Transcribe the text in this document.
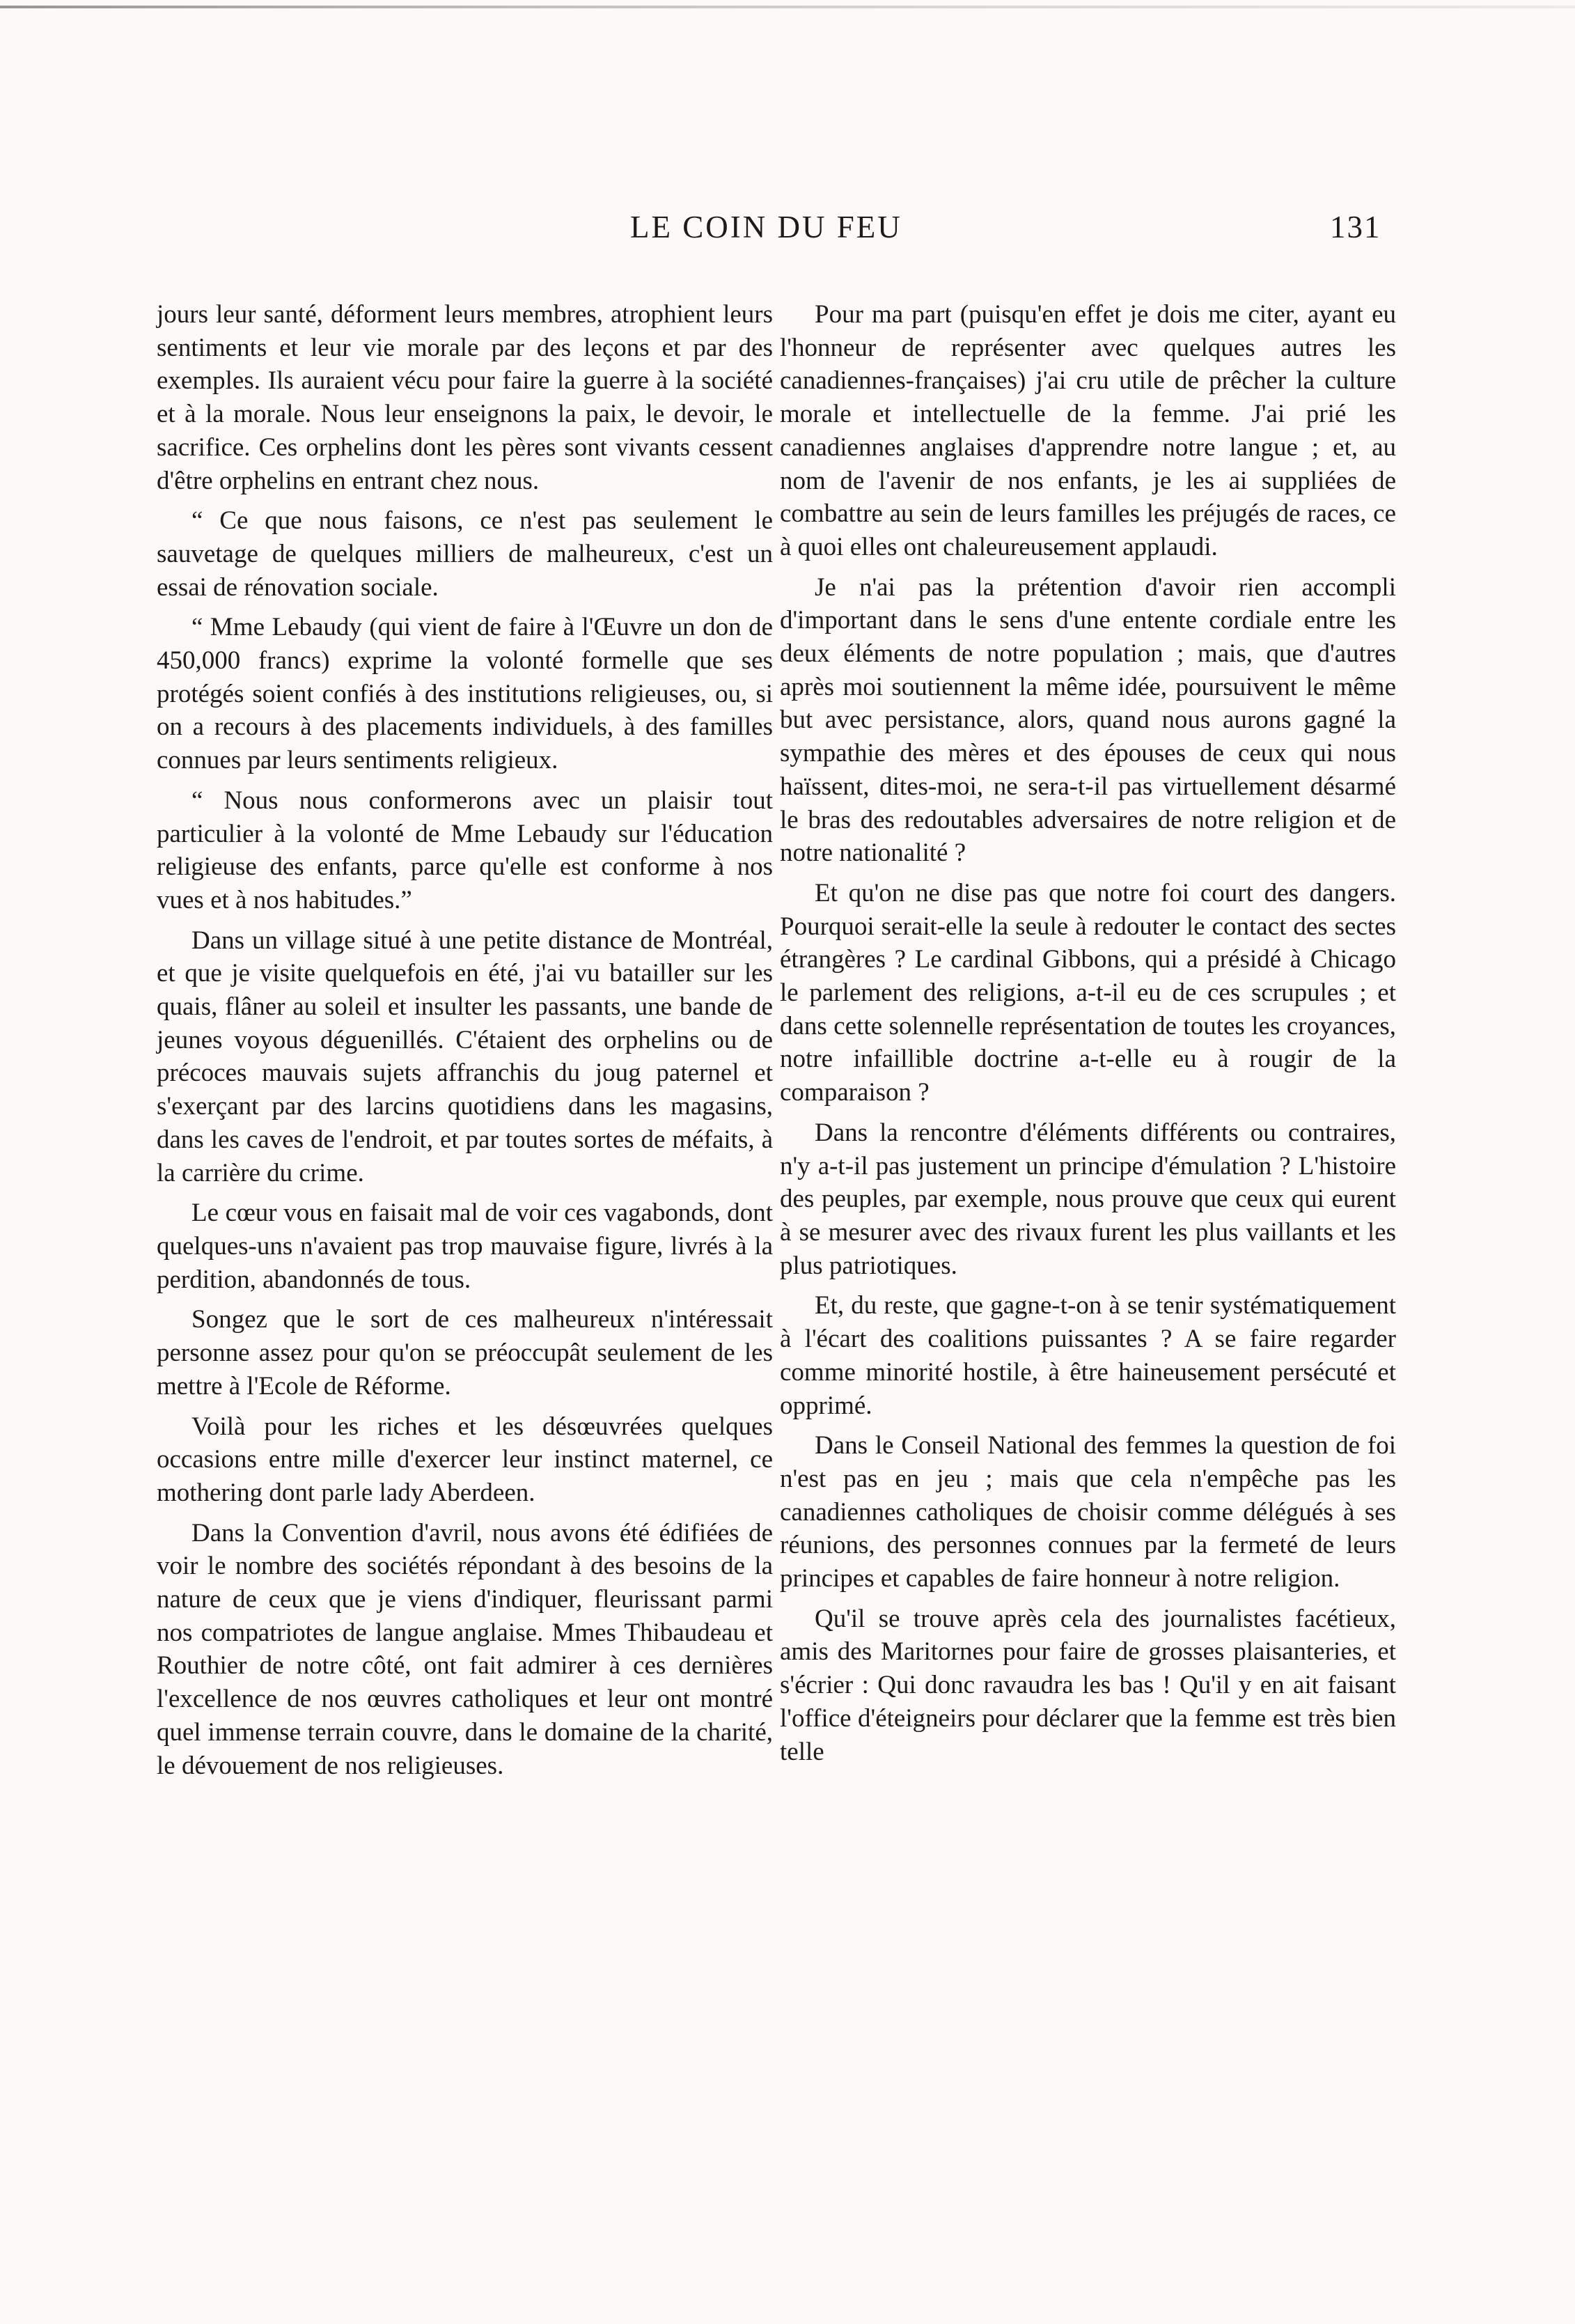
LE COIN DU FEU	131

jours leur santé, déforment leurs membres, atrophient leurs sentiments et leur vie morale par des leçons et par des exemples. Ils auraient vécu pour faire la guerre à la société et à la morale. Nous leur enseignons la paix, le devoir, le sacrifice. Ces orphelins dont les pères sont vivants cessent d'être orphelins en entrant chez nous.

“ Ce que nous faisons, ce n'est pas seulement le sauvetage de quelques milliers de malheureux, c'est un essai de rénovation sociale.

“ Mme Lebaudy (qui vient de faire à l'Œuvre un don de 450,000 francs) exprime la volonté formelle que ses protégés soient confiés à des institutions religieuses, ou, si on a recours à des placements individuels, à des familles connues par leurs sentiments religieux.

“ Nous nous conformerons avec un plaisir tout particulier à la volonté de Mme Lebaudy sur l'éducation religieuse des enfants, parce qu'elle est conforme à nos vues et à nos habitudes.”

Dans un village situé à une petite distance de Montréal, et que je visite quelquefois en été, j'ai vu batailler sur les quais, flâner au soleil et insulter les passants, une bande de jeunes voyous déguenillés. C'étaient des orphelins ou de précoces mauvais sujets affranchis du joug paternel et s'exerçant par des larcins quotidiens dans les magasins, dans les caves de l'endroit, et par toutes sortes de méfaits, à la carrière du crime.

Le cœur vous en faisait mal de voir ces vagabonds, dont quelques-uns n'avaient pas trop mauvaise figure, livrés à la perdition, abandonnés de tous.

Songez que le sort de ces malheureux n'intéressait personne assez pour qu'on se préoccupât seulement de les mettre à l'Ecole de Réforme.

Voilà pour les riches et les désœuvrées quelques occasions entre mille d'exercer leur instinct maternel, ce mothering dont parle lady Aberdeen.

Dans la Convention d'avril, nous avons été édifiées de voir le nombre des sociétés répondant à des besoins de la nature de ceux que je viens d'indiquer, fleurissant parmi nos compatriotes de langue anglaise. Mmes Thibaudeau et Routhier de notre côté, ont fait admirer à ces dernières l'excellence de nos œuvres catholiques et leur ont montré quel immense terrain couvre, dans le domaine de la charité, le dévouement de nos religieuses.

Pour ma part (puisqu'en effet je dois me citer, ayant eu l'honneur de représenter avec quelques autres les canadiennes-françaises) j'ai cru utile de prêcher la culture morale et intellectuelle de la femme. J'ai prié les canadiennes anglaises d'apprendre notre langue ; et, au nom de l'avenir de nos enfants, je les ai suppliées de combattre au sein de leurs familles les préjugés de races, ce à quoi elles ont chaleureusement applaudi.

Je n'ai pas la prétention d'avoir rien accompli d'important dans le sens d'une entente cordiale entre les deux éléments de notre population ; mais, que d'autres après moi soutiennent la même idée, poursuivent le même but avec persistance, alors, quand nous aurons gagné la sympathie des mères et des épouses de ceux qui nous haïssent, dites-moi, ne sera-t-il pas virtuellement désarmé le bras des redoutables adversaires de notre religion et de notre nationalité ?

Et qu'on ne dise pas que notre foi court des dangers. Pourquoi serait-elle la seule à redouter le contact des sectes étrangères ? Le cardinal Gibbons, qui a présidé à Chicago le parlement des religions, a-t-il eu de ces scrupules ; et dans cette solennelle représentation de toutes les croyances, notre infaillible doctrine a-t-elle eu à rougir de la comparaison ?

Dans la rencontre d'éléments différents ou contraires, n'y a-t-il pas justement un principe d'émulation ? L'histoire des peuples, par exemple, nous prouve que ceux qui eurent à se mesurer avec des rivaux furent les plus vaillants et les plus patriotiques.

Et, du reste, que gagne-t-on à se tenir systématiquement à l'écart des coalitions puissantes ? A se faire regarder comme minorité hostile, à être haineusement persécuté et opprimé.

Dans le Conseil National des femmes la question de foi n'est pas en jeu ; mais que cela n'empêche pas les canadiennes catholiques de choisir comme délégués à ses réunions, des personnes connues par la fermeté de leurs principes et capables de faire honneur à notre religion.

Qu'il se trouve après cela des journalistes facétieux, amis des Maritornes pour faire de grosses plaisanteries, et s'écrier : Qui donc ravaudra les bas ! Qu'il y en ait faisant l'office d'éteigneirs pour déclarer que la femme est très bien telle
